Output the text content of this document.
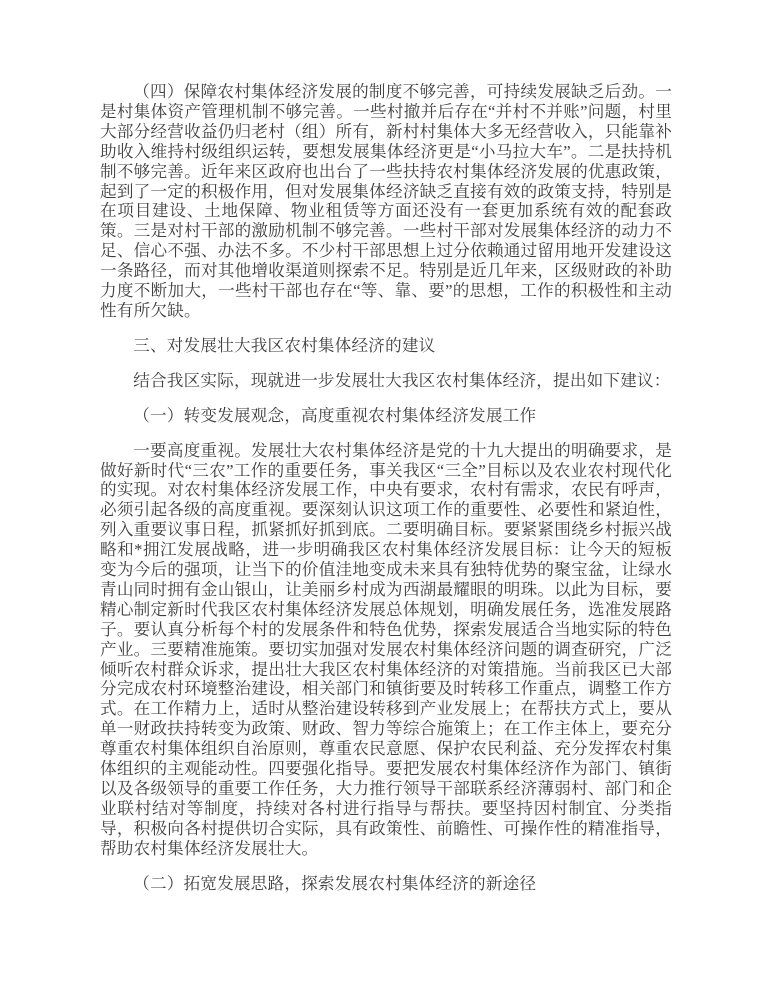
（四）保障农村集体经济发展的制度不够完善，可持续发展缺乏后劲。一是村集体资产管理机制不够完善。一些村撤并后存在“并村不并账”问题，村里大部分经营收益仍归老村（组）所有，新村村集体大多无经营收入，只能靠补助收入维持村级组织运转，要想发展集体经济更是“小马拉大车”。二是扶持机制不够完善。近年来区政府也出台了一些扶持农村集体经济发展的优惠政策，起到了一定的积极作用，但对发展集体经济缺乏直接有效的政策支持，特别是在项目建设、土地保障、物业租赁等方面还没有一套更加系统有效的配套政策。三是对村干部的激励机制不够完善。一些村干部对发展集体经济的动力不足、信心不强、办法不多。不少村干部思想上过分依赖通过留用地开发建设这一条路径，而对其他增收渠道则探索不足。特别是近几年来，区级财政的补助力度不断加大，一些村干部也存在“等、靠、要”的思想，工作的积极性和主动性有所欠缺。

三、对发展壮大我区农村集体经济的建议

结合我区实际，现就进一步发展壮大我区农村集体经济，提出如下建议：

（一）转变发展观念，高度重视农村集体经济发展工作

一要高度重视。发展壮大农村集体经济是党的十九大提出的明确要求，是做好新时代“三农”工作的重要任务，事关我区“三全”目标以及农业农村现代化的实现。对农村集体经济发展工作，中央有要求，农村有需求，农民有呼声，必须引起各级的高度重视。要深刻认识这项工作的重要性、必要性和紧迫性，列入重要议事日程，抓紧抓好抓到底。二要明确目标。要紧紧围绕乡村振兴战略和*拥江发展战略，进一步明确我区农村集体经济发展目标：让今天的短板变为今后的强项，让当下的价值洼地变成未来具有独特优势的聚宝盆，让绿水青山同时拥有金山银山，让美丽乡村成为西湖最耀眼的明珠。以此为目标，要精心制定新时代我区农村集体经济发展总体规划，明确发展任务，选准发展路子。要认真分析每个村的发展条件和特色优势，探索发展适合当地实际的特色产业。三要精准施策。要切实加强对发展农村集体经济问题的调查研究，广泛倾听农村群众诉求，提出壮大我区农村集体经济的对策措施。当前我区已大部分完成农村环境整治建设，相关部门和镇街要及时转移工作重点，调整工作方式。在工作精力上，适时从整治建设转移到产业发展上；在帮扶方式上，要从单一财政扶持转变为政策、财政、智力等综合施策上；在工作主体上，要充分尊重农村集体组织自治原则，尊重农民意愿、保护农民利益、充分发挥农村集体组织的主观能动性。四要强化指导。要把发展农村集体经济作为部门、镇街以及各级领导的重要工作任务，大力推行领导干部联系经济薄弱村、部门和企业联村结对等制度，持续对各村进行指导与帮扶。要坚持因村制宜、分类指导，积极向各村提供切合实际，具有政策性、前瞻性、可操作性的精准指导，帮助农村集体经济发展壮大。

（二）拓宽发展思路，探索发展农村集体经济的新途径
